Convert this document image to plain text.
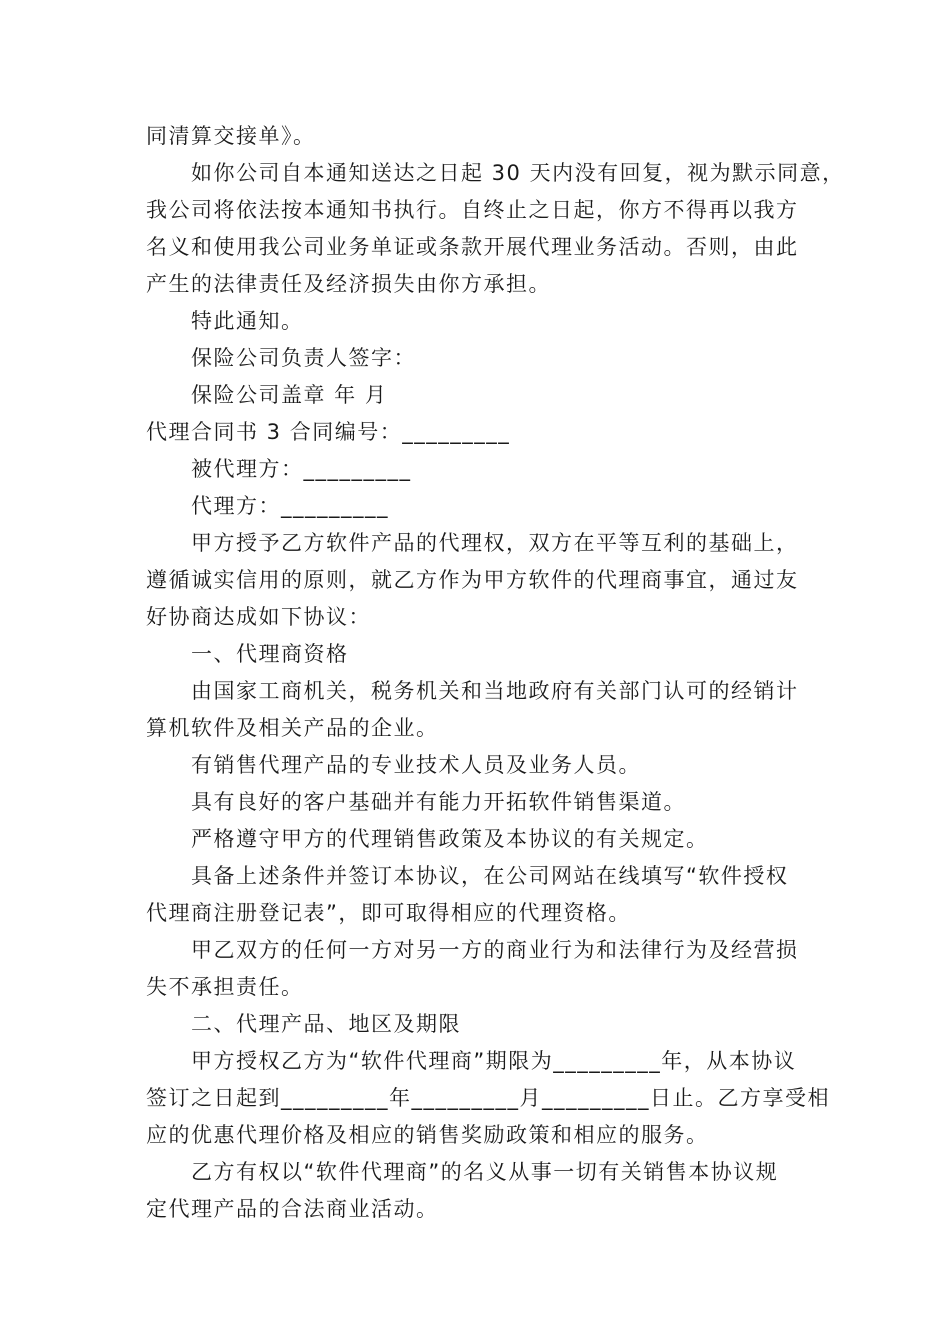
同清算交接单》。
如你公司自本通知送达之日起 30 天内没有回复，视为默示同意，
我公司将依法按本通知书执行。自终止之日起，你方不得再以我方
名义和使用我公司业务单证或条款开展代理业务活动。否则，由此
产生的法律责任及经济损失由你方承担。
特此通知。
保险公司负责人签字：
保险公司盖章 年 月
代理合同书 3 合同编号：_________
被代理方：_________
代理方：_________
甲方授予乙方软件产品的代理权，双方在平等互利的基础上，
遵循诚实信用的原则，就乙方作为甲方软件的代理商事宜，通过友
好协商达成如下协议：
一、代理商资格
由国家工商机关，税务机关和当地政府有关部门认可的经销计
算机软件及相关产品的企业。
有销售代理产品的专业技术人员及业务人员。
具有良好的客户基础并有能力开拓软件销售渠道。
严格遵守甲方的代理销售政策及本协议的有关规定。
具备上述条件并签订本协议，在公司网站在线填写“软件授权
代理商注册登记表”，即可取得相应的代理资格。
甲乙双方的任何一方对另一方的商业行为和法律行为及经营损
失不承担责任。
二、代理产品、地区及期限
甲方授权乙方为“软件代理商”期限为_________年，从本协议
签订之日起到_________年_________月_________日止。乙方享受相
应的优惠代理价格及相应的销售奖励政策和相应的服务。
乙方有权以“软件代理商”的名义从事一切有关销售本协议规
定代理产品的合法商业活动。
